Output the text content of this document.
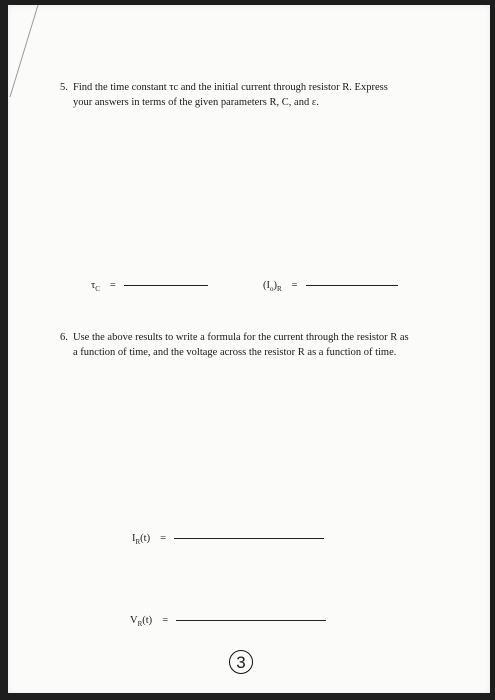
5. Find the time constant τc and the initial current through resistor R. Express
your answers in terms of the given parameters R, C, and ε.
$\tau_C$ =	$(I_o)_R$ =
6. Use the above results to write a formula for the current through the resistor R as
a function of time, and the voltage across the resistor R as a function of time.
$I_R(t)$ =
$V_R(t)$ =
3
